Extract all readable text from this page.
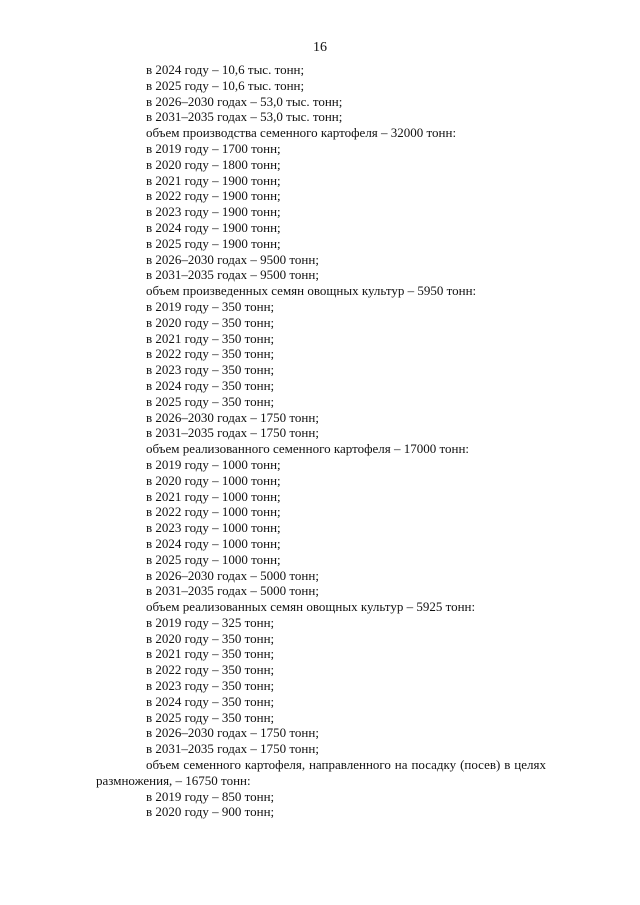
16
в 2024 году – 10,6 тыс. тонн;
в 2025 году – 10,6 тыс. тонн;
в 2026–2030 годах – 53,0 тыс. тонн;
в 2031–2035 годах – 53,0 тыс. тонн;
объем производства семенного картофеля – 32000 тонн:
в 2019 году – 1700 тонн;
в 2020 году – 1800 тонн;
в 2021 году – 1900 тонн;
в 2022 году – 1900 тонн;
в 2023 году – 1900 тонн;
в 2024 году – 1900 тонн;
в 2025 году – 1900 тонн;
в 2026–2030 годах – 9500 тонн;
в 2031–2035 годах – 9500 тонн;
объем произведенных семян овощных культур – 5950 тонн:
в 2019 году – 350 тонн;
в 2020 году – 350 тонн;
в 2021 году – 350 тонн;
в 2022 году – 350 тонн;
в 2023 году – 350 тонн;
в 2024 году – 350 тонн;
в 2025 году – 350 тонн;
в 2026–2030 годах – 1750 тонн;
в 2031–2035 годах – 1750 тонн;
объем реализованного семенного картофеля – 17000 тонн:
в 2019 году – 1000 тонн;
в 2020 году – 1000 тонн;
в 2021 году – 1000 тонн;
в 2022 году – 1000 тонн;
в 2023 году – 1000 тонн;
в 2024 году – 1000 тонн;
в 2025 году – 1000 тонн;
в 2026–2030 годах – 5000 тонн;
в 2031–2035 годах – 5000 тонн;
объем реализованных семян овощных культур – 5925 тонн:
в 2019 году – 325 тонн;
в 2020 году – 350 тонн;
в 2021 году – 350 тонн;
в 2022 году – 350 тонн;
в 2023 году – 350 тонн;
в 2024 году – 350 тонн;
в 2025 году – 350 тонн;
в 2026–2030 годах – 1750 тонн;
в 2031–2035 годах – 1750 тонн;
объем семенного картофеля, направленного на посадку (посев) в целях размножения, – 16750 тонн:
в 2019 году – 850 тонн;
в 2020 году – 900 тонн;
